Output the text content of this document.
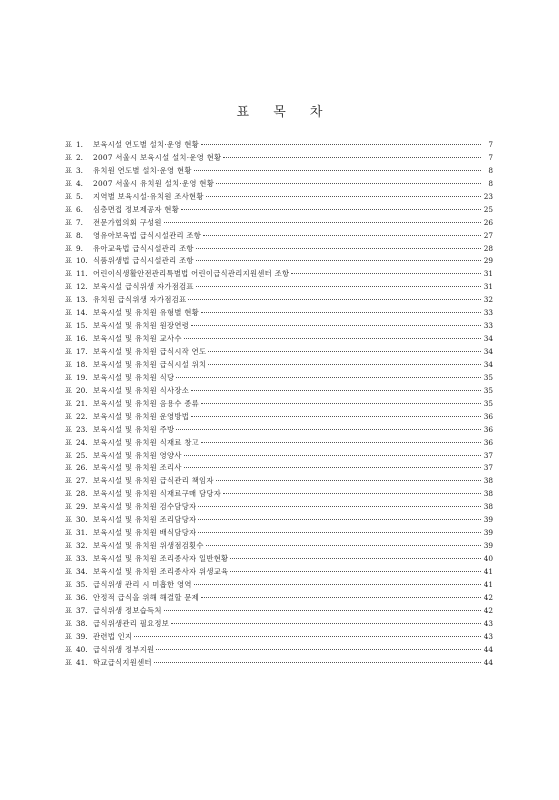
표 목 차
표 1.	보육시설 연도별 설치·운영 현황	7
표 2.	2007 서울시 보육시설 설치·운영 현황	7
표 3.	유치원 연도별 설치·운영 현황	8
표 4.	2007 서울시 유치원 설치·운영 현황	8
표 5.	지역별 보육시설·유치원 조사현황	23
표 6.	심층면접 정보제공자 현황	25
표 7.	전문가협의회 구성원	26
표 8.	영유아보육법 급식시설관리 조항	27
표 9.	유아교육법 급식시설관리 조항	28
표 10. 식품위생법 급식시설관리 조항	29
표 11. 어린이식생활안전관리특별법 어린이급식관리지원센터 조항	31
표 12. 보육시설 급식위생 자가점검표	31
표 13. 유치원 급식위생 자가점검표	32
표 14. 보육시설 및 유치원 유형별 현황	33
표 15. 보육시설 및 유치원 원장연령	33
표 16. 보육시설 및 유치원 교사수	34
표 17. 보육시설 및 유치원 급식시작 연도	34
표 18. 보육시설 및 유치원 급식시설 위치	34
표 19. 보육시설 및 유치원 식당	35
표 20. 보육시설 및 유치원 식사장소	35
표 21. 보육시설 및 유치원 음용수 종류	35
표 22. 보육시설 및 유치원 운영방법	36
표 23. 보육시설 및 유치원 주방	36
표 24. 보육시설 및 유치원 식재료 창고	36
표 25. 보육시설 및 유치원 영양사	37
표 26. 보육시설 및 유치원 조리사	37
표 27. 보육시설 및 유치원 급식관리 책임자	38
표 28. 보육시설 및 유치원 식재료구매 담당자	38
표 29. 보육시설 및 유치원 검수담당자	38
표 30. 보육시설 및 유치원 조리담당자	39
표 31. 보육시설 및 유치원 배식담당자	39
표 32. 보육시설 및 유치원 위생점검횟수	39
표 33. 보육시설 및 유치원 조리종사자 일반현황	40
표 34. 보육시설 및 유치원 조리종사자 위생교육	41
표 35. 급식위생 관리 시 미흡한 영역	41
표 36. 안정적 급식을 위해 해결할 문제	42
표 37. 급식위생 정보습득처	42
표 38. 급식위생관리 필요정보	43
표 39. 관련법 인지	43
표 40. 급식위생 정부지원	44
표 41. 학교급식지원센터	44
